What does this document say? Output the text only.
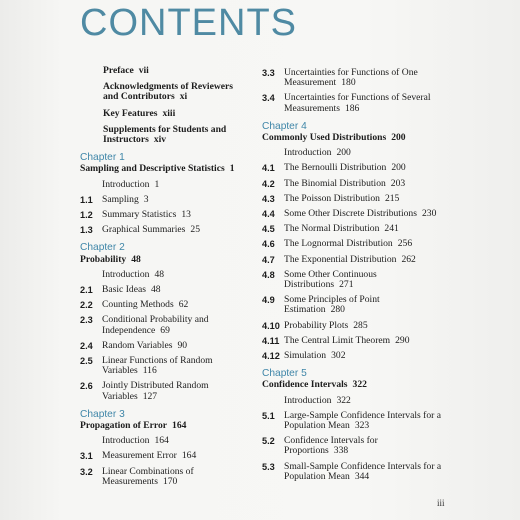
CONTENTS
Preface vii
Acknowledgments of Reviewers and Contributors xi
Key Features xiii
Supplements for Students and Instructors xiv
Chapter 1
Sampling and Descriptive Statistics 1
Introduction 1
1.1 Sampling 3
1.2 Summary Statistics 13
1.3 Graphical Summaries 25
Chapter 2
Probability 48
Introduction 48
2.1 Basic Ideas 48
2.2 Counting Methods 62
2.3 Conditional Probability and Independence 69
2.4 Random Variables 90
2.5 Linear Functions of Random Variables 116
2.6 Jointly Distributed Random Variables 127
Chapter 3
Propagation of Error 164
Introduction 164
3.1 Measurement Error 164
3.2 Linear Combinations of Measurements 170
3.3 Uncertainties for Functions of One Measurement 180
3.4 Uncertainties for Functions of Several Measurements 186
Chapter 4
Commonly Used Distributions 200
Introduction 200
4.1 The Bernoulli Distribution 200
4.2 The Binomial Distribution 203
4.3 The Poisson Distribution 215
4.4 Some Other Discrete Distributions 230
4.5 The Normal Distribution 241
4.6 The Lognormal Distribution 256
4.7 The Exponential Distribution 262
4.8 Some Other Continuous Distributions 271
4.9 Some Principles of Point Estimation 280
4.10 Probability Plots 285
4.11 The Central Limit Theorem 290
4.12 Simulation 302
Chapter 5
Confidence Intervals 322
Introduction 322
5.1 Large-Sample Confidence Intervals for a Population Mean 323
5.2 Confidence Intervals for Proportions 338
5.3 Small-Sample Confidence Intervals for a Population Mean 344
iii
